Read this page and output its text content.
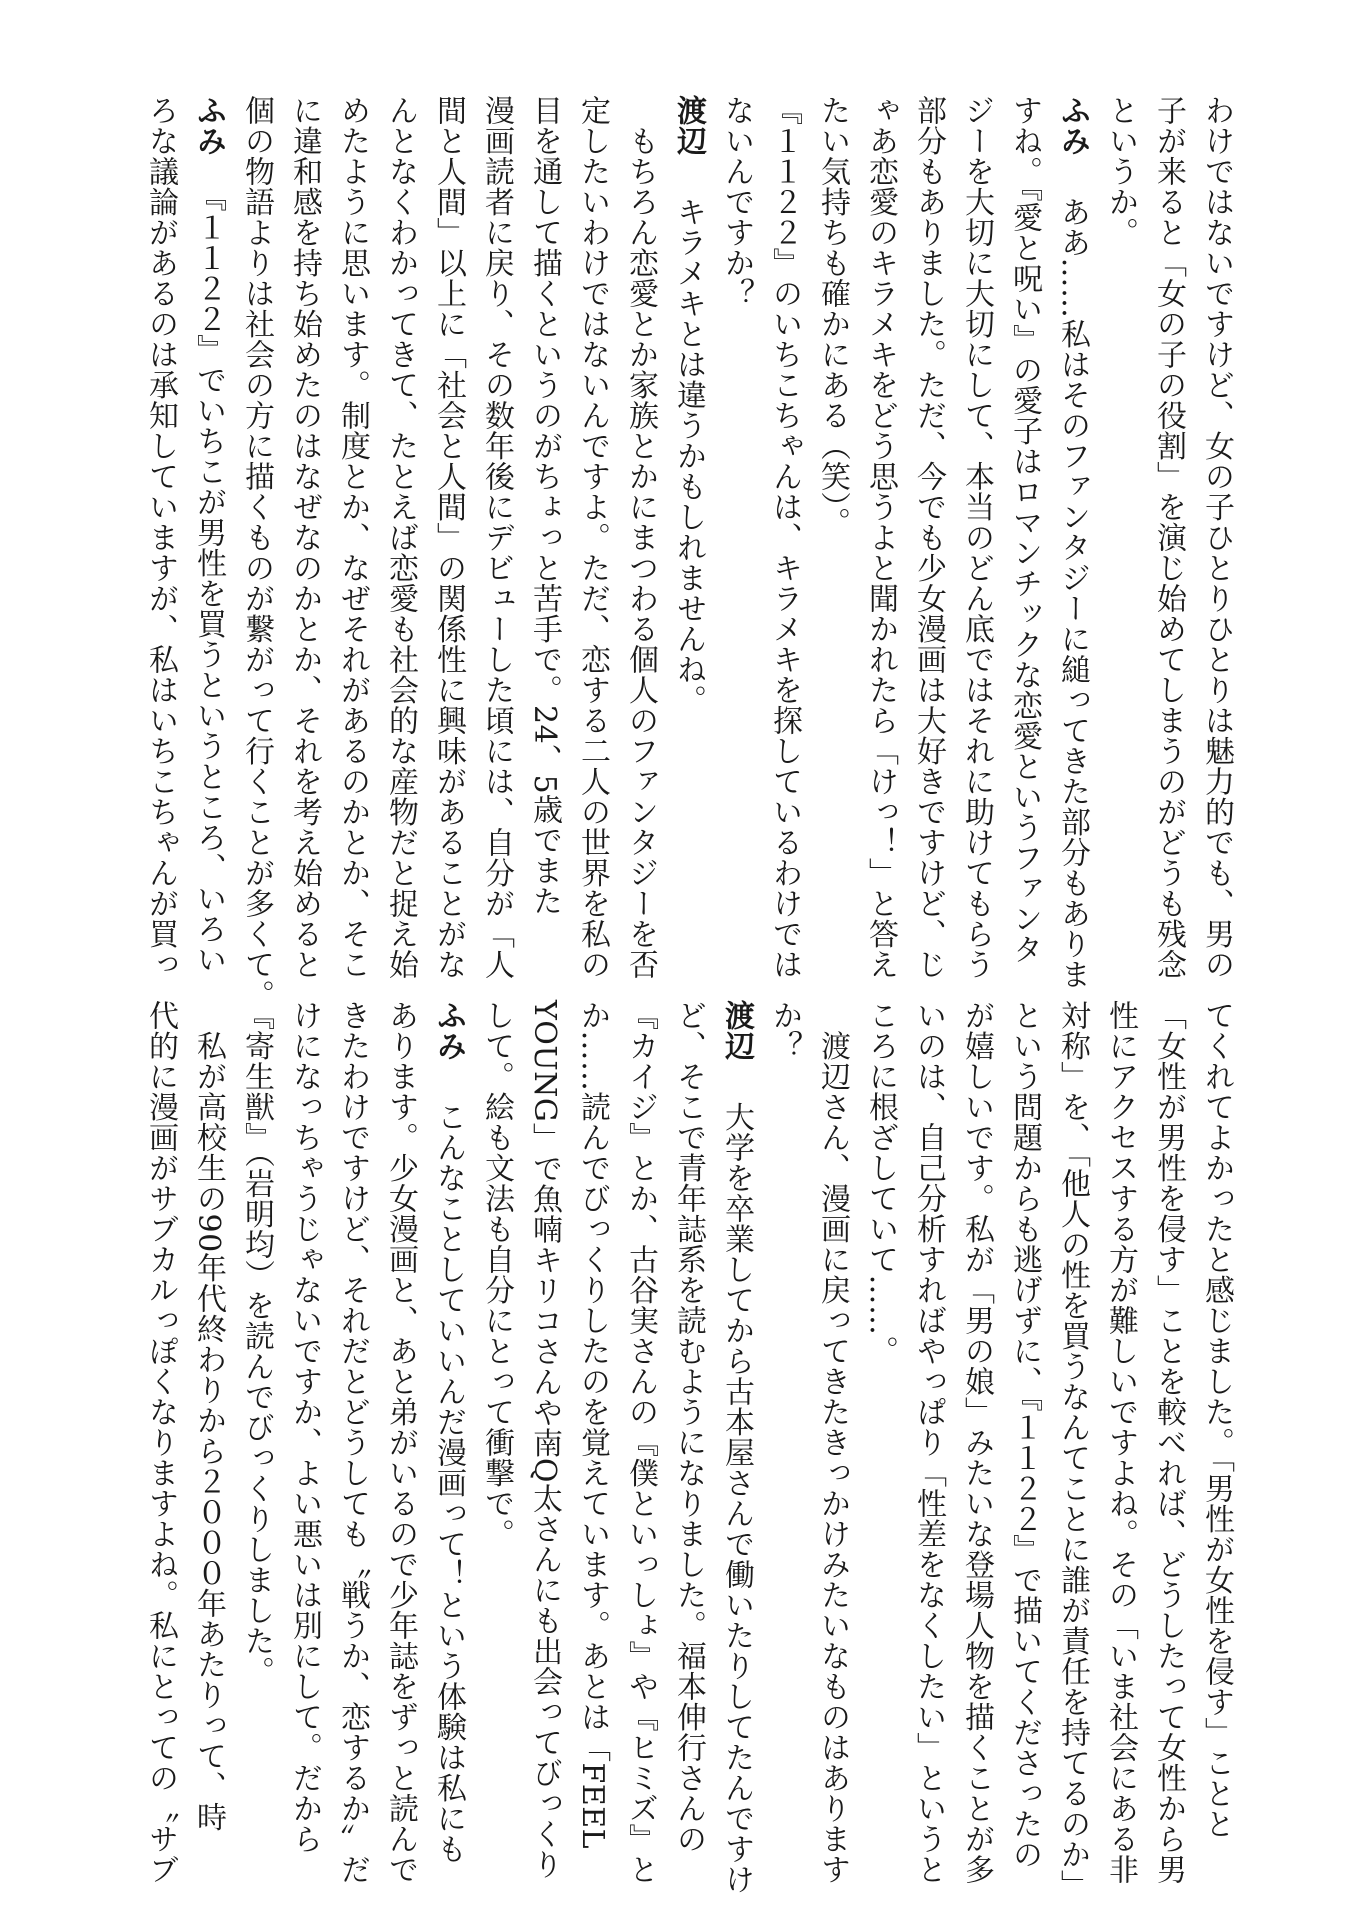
わけではないですけど、女の子ひとりひとりは魅力的でも、男の
子が来ると「女の子の役割」を演じ始めてしまうのがどうも残念
というか。
ふみ　ああ……私はそのファンタジーに縋ってきた部分もありま
すね。『愛と呪い』の愛子はロマンチックな恋愛というファンタ
ジーを大切に大切にして、本当のどん底ではそれに助けてもらう
部分もありました。ただ、今でも少女漫画は大好きですけど、じ
ゃあ恋愛のキラメキをどう思うよと聞かれたら「けっ！」と答え
たい気持ちも確かにある（笑）。
『１１２２』のいちこちゃんは、キラメキを探しているわけでは
ないんですか？
渡辺　キラメキとは違うかもしれませんね。
　もちろん恋愛とか家族とかにまつわる個人のファンタジーを否
定したいわけではないんですよ。ただ、恋する二人の世界を私の
目を通して描くというのがちょっと苦手で。24、5歳でまた
漫画読者に戻り、その数年後にデビューした頃には、自分が「人
間と人間」以上に「社会と人間」の関係性に興味があることがな
んとなくわかってきて、たとえば恋愛も社会的な産物だと捉え始
めたように思います。制度とか、なぜそれがあるのかとか、そこ
に違和感を持ち始めたのはなぜなのかとか、それを考え始めると
個の物語よりは社会の方に描くものが繋がって行くことが多くて。
ふみ　『１１２２』でいちこが男性を買うというところ、いろい
ろな議論があるのは承知していますが、私はいちこちゃんが買っ
てくれてよかったと感じました。「男性が女性を侵す」ことと
「女性が男性を侵す」ことを較べれば、どうしたって女性から男
性にアクセスする方が難しいですよね。その「いま社会にある非
対称」を、「他人の性を買うなんてことに誰が責任を持てるのか」
という問題からも逃げずに、『１１２２』で描いてくださったの
が嬉しいです。私が「男の娘」みたいな登場人物を描くことが多
いのは、自己分析すればやっぱり「性差をなくしたい」というと
ころに根ざしていて……。
　渡辺さん、漫画に戻ってきたきっかけみたいなものはあります
か？
渡辺　大学を卒業してから古本屋さんで働いたりしてたんですけ
ど、そこで青年誌系を読むようになりました。福本伸行さんの
『カイジ』とか、古谷実さんの『僕といっしょ』や『ヒミズ』と
か……読んでびっくりしたのを覚えています。あとは「FEEL
YOUNG」で魚喃キリコさんや南Q太さんにも出会ってびっくり
して。絵も文法も自分にとって衝撃で。
ふみ　こんなことしていいんだ漫画って！という体験は私にも
あります。少女漫画と、あと弟がいるので少年誌をずっと読んで
きたわけですけど、それだとどうしても〝戦うか、恋するか〟だ
けになっちゃうじゃないですか、よい悪いは別にして。だから
『寄生獣』（岩明均）を読んでびっくりしました。
　私が高校生の90年代終わりから２０００年あたりって、時
代的に漫画がサブカルっぽくなりますよね。私にとっての〝サブ
